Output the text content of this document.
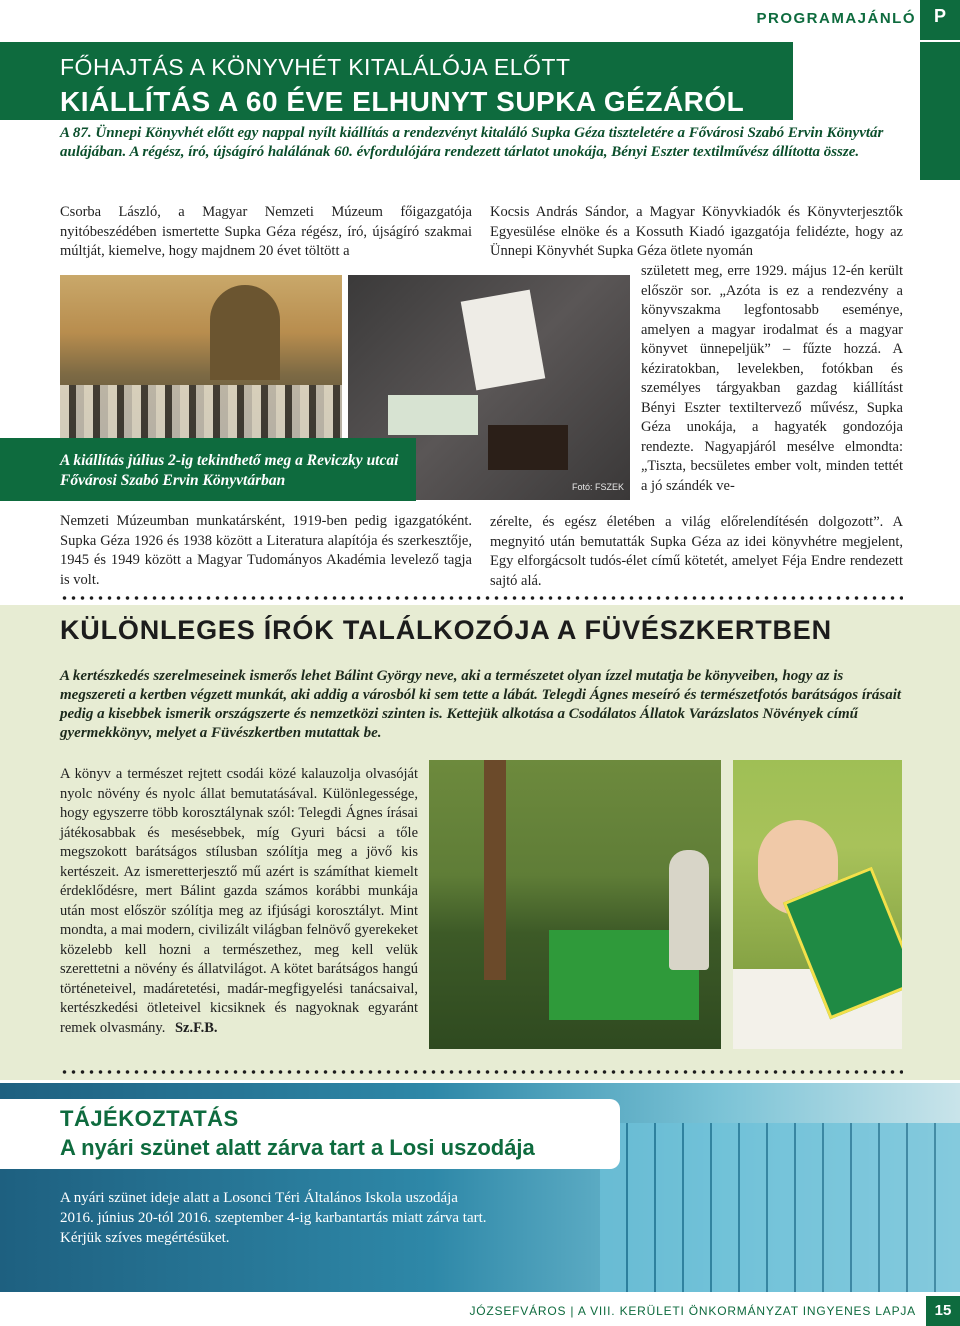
PROGRAMAJÁNLÓ P
FŐHAJTÁS A KÖNYVHÉT KITALÁLÓJA ELŐTT
KIÁLLÍTÁS A 60 ÉVE ELHUNYT SUPKA GÉZÁRÓL
A 87. Ünnepi Könyvhét előtt egy nappal nyílt kiállítás a rendezvényt kitaláló Supka Géza tiszteletére a Fővárosi Szabó Ervin Könyvtár aulájában. A régész, író, újságíró halálának 60. évfordulójára rendezett tárlatot unokája, Bényi Eszter textilművész állította össze.
Csorba László, a Magyar Nemzeti Múzeum főigazgatója nyitóbeszédében ismertette Supka Géza régész, író, újságíró szakmai múltját, kiemelve, hogy majdnem 20 évet töltött a
Fotó: FSZEK
A kiállítás július 2-ig tekinthető meg a Reviczky utcai Fővárosi Szabó Ervin Könyvtárban
Nemzeti Múzeumban munkatársként, 1919-ben pedig igazgatóként. Supka Géza 1926 és 1938 között a Literatura alapítója és szerkesztője, 1945 és 1949 között a Magyar Tudományos Akadémia levelező tagja is volt.
Kocsis András Sándor, a Magyar Könyvkiadók és Könyvterjesztők Egyesülése elnöke és a Kossuth Kiadó igazgatója felidézte, hogy az Ünnepi Könyvhét Supka Géza ötlete nyomán
született meg, erre 1929. május 12-én került először sor. „Azóta is ez a rendezvény a könyvszakma legfontosabb eseménye, amelyen a magyar irodalmat és a magyar könyvet ünnepeljük” – fűzte hozzá. A kéziratokban, levelekben, fotókban és személyes tárgyakban gazdag kiállítást Bényi Eszter textiltervező művész, Supka Géza unokája, a hagyaték gondozója rendezte. Nagyapjáról mesélve elmondta: „Tiszta, becsületes ember volt, minden tettét a jó szándék ve-
zérelte, és egész életében a világ előrelendítésén dolgozott”. A megnyitó után bemutatták Supka Géza az idei könyvhétre megjelent, Egy elforgácsolt tudós-élet című kötetét, amelyet Féja Endre rendezett sajtó alá.
KÜLÖNLEGES ÍRÓK TALÁLKOZÓJA A FÜVÉSZKERTBEN
A kertészkedés szerelmeseinek ismerős lehet Bálint György neve, aki a természetet olyan ízzel mutatja be könyveiben, hogy az is megszereti a kertben végzett munkát, aki addig a városból ki sem tette a lábát. Telegdi Ágnes meseíró és természetfotós barátságos írásait pedig a kisebbek ismerik országszerte és nemzetközi szinten is. Kettejük alkotása a Csodálatos Állatok Varázslatos Növények című gyermekkönyv, melyet a Füvészkertben mutattak be.
A könyv a természet rejtett csodái közé kalauzolja olvasóját nyolc növény és nyolc állat bemutatásával. Különlegessége, hogy egyszerre több korosztálynak szól: Telegdi Ágnes írásai játékosabbak és mesésebbek, míg Gyuri bácsi a tőle megszokott barátságos stílusban szólítja meg a jövő kis kertészeit. Az ismeretterjesztő mű azért is számíthat kiemelt érdeklődésre, mert Bálint gazda számos korábbi munkája után most először szólítja meg az ifjúsági korosztályt. Mint mondta, a mai modern, civilizált világban felnövő gyerekeket közelebb kell hozni a természethez, meg kell velük szerettetni a növény és állatvilágot. A kötet barátságos hangú történeteivel, madáretetési, madár-megfigyelési tanácsaival, kertészkedési ötleteivel kicsiknek és nagyoknak egyaránt remek olvasmány. Sz.F.B.
TÁJÉKOZTATÁS
A nyári szünet alatt zárva tart a Losi uszodája
A nyári szünet ideje alatt a Losonci Téri Általános Iskola uszodája
2016. június 20-tól 2016. szeptember 4-ig karbantartás miatt zárva tart.
Kérjük szíves megértésüket.
JÓZSEFVÁROS | A VIII. KERÜLETI ÖNKORMÁNYZAT INGYENES LAPJA	15
